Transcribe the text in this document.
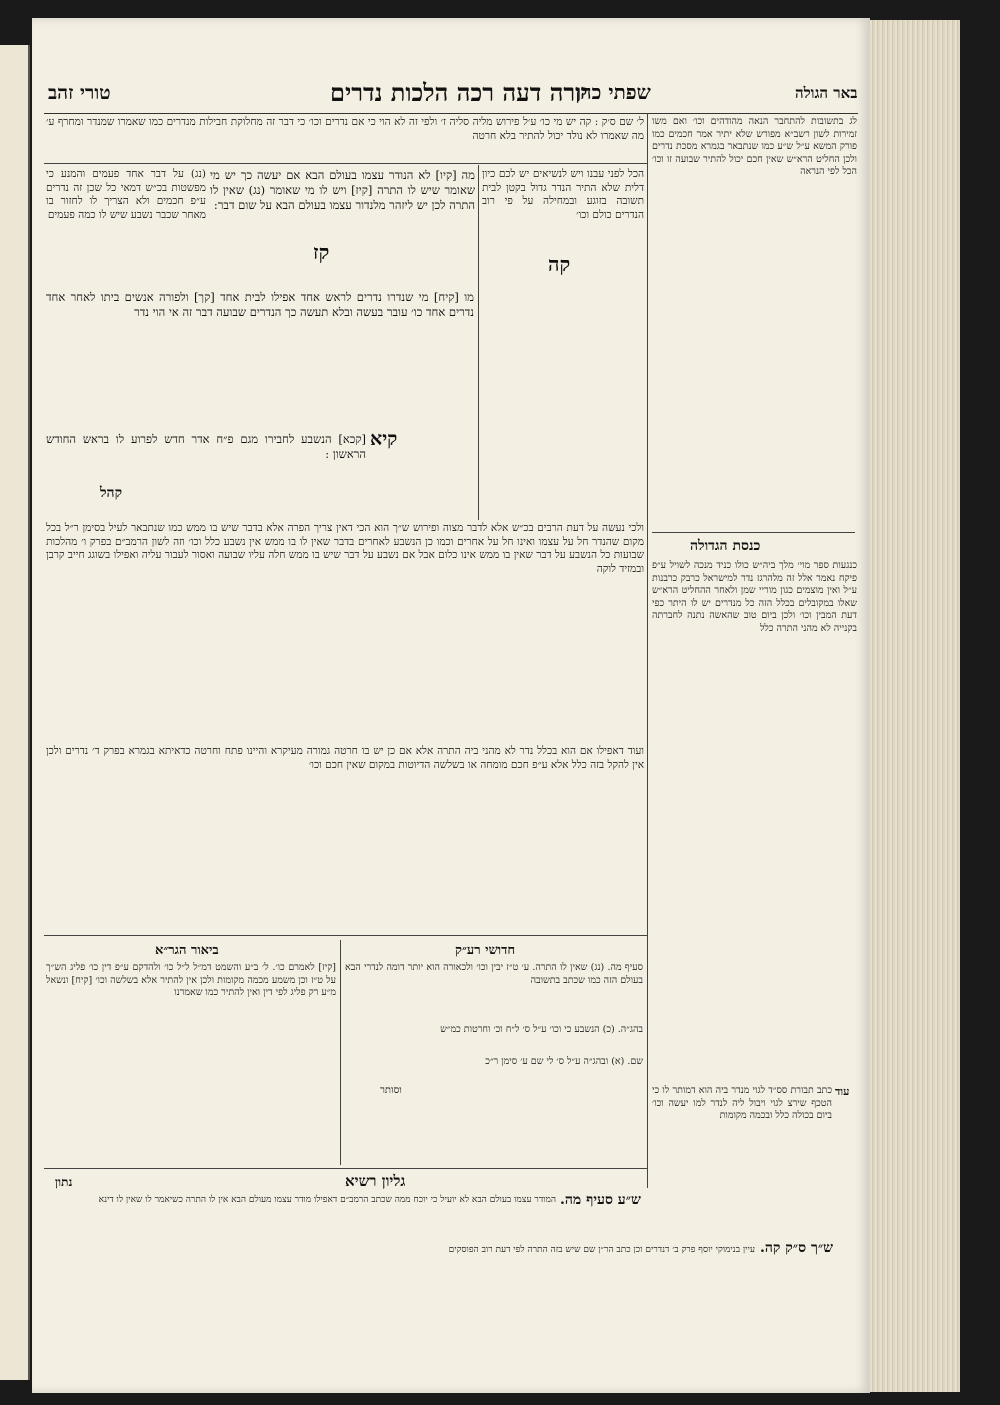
באר הגולה
שפתי כהן
יורה דעה רכה הלכות נדרים
טורי זהב
ל׳ שם ס׳ק : קה יש מי כו׳ ע׳ל פירוש מליה סליה ז׳ ולפי זה לא הוי כי אם נדרים וכו׳ כי דבר זה מחלוקת חבילות מנדרים כמו שאמרו שמנדר ומחרף ע׳ מה שאמרו לא נולד יכול להתיר בלא חרטה
הכל לפני עבנו ויש לנשיאים יש לכם כיון דלית שלא התיר הנדר גדול בקטן לבית תשובה בזוגע ובמחילה על פי רוב הנדרים כולם וכו׳
קה
מה [קיו] לא הנודר עצמו בעולם הבא אם יעשה כך יש מי שאומר שיש לו התרה [קיז] ויש לו מי שאומר (נג) שאין לו התרה לכן יש ליזהר מלנדור עצמו בעולם הבא על שום דבר:
קז
(נג) על דבר אחד פעמים והמנע כי מפשטות בכ״ש דמאי כל שכן זה נדרים ע״פ חכמים ולא הצריך לו לחזור בו מאחר שכבר נשבע שיש לו כמה פעמים
מו [קיח] מי שנדרו נדרים לראש אחד אפילו לבית אחד [קך] ולפורה אנשים ביתו לאחר אחד נדרים אחד כו׳ עובר בעשה ובלא תעשה כך הנדרים שבועה דבר זה אי הוי נדר
קיא
[קכא] הנשבע לחבירו מגם פ״ח אדר חדש לפרוע לו בראש החודש הראשון :
קהל
ולכי נעשה על דעת הרבים בכ״ש אלא לדבר מצוה ופירוש ש״ך הוא הכי דאין צריך הפרה אלא בדבר שיש בו ממש כמו שנתבאר לעיל בסימן ר״ל בכל מקום שהנדר חל על עצמו ואינו חל על אחרים וכמו כן הנשבע לאחרים בדבר שאין לו בו ממש אין נשבע כלל וכו׳ וזה לשון הרמב״ם בפרק ו׳ מהלכות שבועות כל הנשבע על דבר שאין בו ממש אינו כלום אבל אם נשבע על דבר שיש בו ממש חלה עליו שבועה ואסור לעבור עליה ואפילו בשוגג חייב קרבן ובמזיד לוקה
ועוד דאפילו אם הוא בכלל נדר לא מהני ביה התרה אלא אם כן יש בו חרטה גמורה מעיקרא והיינו פתח וחרטה כדאיתא בגמרא בפרק ד׳ נדרים ולכן אין להקל בזה כלל אלא ע״פ חכם מומחה או בשלשה הדיוטות במקום שאין חכם וכו׳
ביאור הגר״א	חדושי רע״ק
[קיז] לאמרם כו׳. ל׳ ב״ע והשמט דמ״ל ל״ל כו׳ ולהדקם ע״פ דין כו׳ פליג הש״ך על ט״ז וכן משמע מכמה מקומות ולכן אין להתיר אלא בשלשה וכו׳ [קיח] ונשאל מ״ע רק פליג לפי דין ואין להתיר כמו שאמרנו
סעיף מה. (נג) שאין לו התרה. ע׳ ט״ז יבין וכו׳ ולכאורה הוא יותר דומה לנדרי הבא בעולם הזה כמו שכתב בתשובה
בהג״ה. (כ) הנשבע כי וכו׳ ע״ל ס׳ ל״ח וכ׳ וחרטות כמ״ש
שם. (א) ובהג״ה ע״ל ס׳ לי שם ע׳ סימן ר״כ
וסותר
גליון רשיא
נתון
ש״ע סעיף מה.
המודר עצמו בעולם הבא לא יועיל כי יוכח ממה שכתב הרמב״ם דאפילו מודר עצמו מעולם הבא אין לו התרה כשיאמר לו שאין לו דינא
ש״ך ס״ק קה.
עיין בנימוקי יוסף פרק ב׳ דנדרים וכן כתב הר״ן שם שיש בזה התרה לפי דעת רוב הפוסקים
לג בתשובות להתחבר הנאה מהודהים וכו׳ ואם משו זמירות לשון רשב״א מפורש שלא יתיר אמר חכמים כמו פורק המשא ע״ל ש״ע כמו שנתבאר בגמרא מסכת נדרים ולכן החליט הרא״ש שאין חכם יכול להתיר שבועה זו וכו׳ הכל לפי הנראה
כנסת הגדולה
כנגעות ספר מוי׳ מלך ביה״ש כולו כניד מנכה לשויל ע״פ פיקח נאמר אלל זה מלהרגז נדר למישראל כרבק כרבנות ע״ל ואין מוצמים כגון מוריי שמן ולאחר ההחליט הרא״ש שאלו במקובלים בכלל הזה כל מנדרים יש לו היתר כפי דעת המבין וכו׳ ולכן ביום טוב שהאשה נתנה לחברתה בקנייה לא מהני התרה כלל
עוד
כתב תבורת סס״ד לגוי מנדר ביה הוא דמותר לו כי הטכף שירצ לגוי ויבול ליה לנדר למו יעשה וכו׳ ביום בכולה כלל ובכמה מקומות
